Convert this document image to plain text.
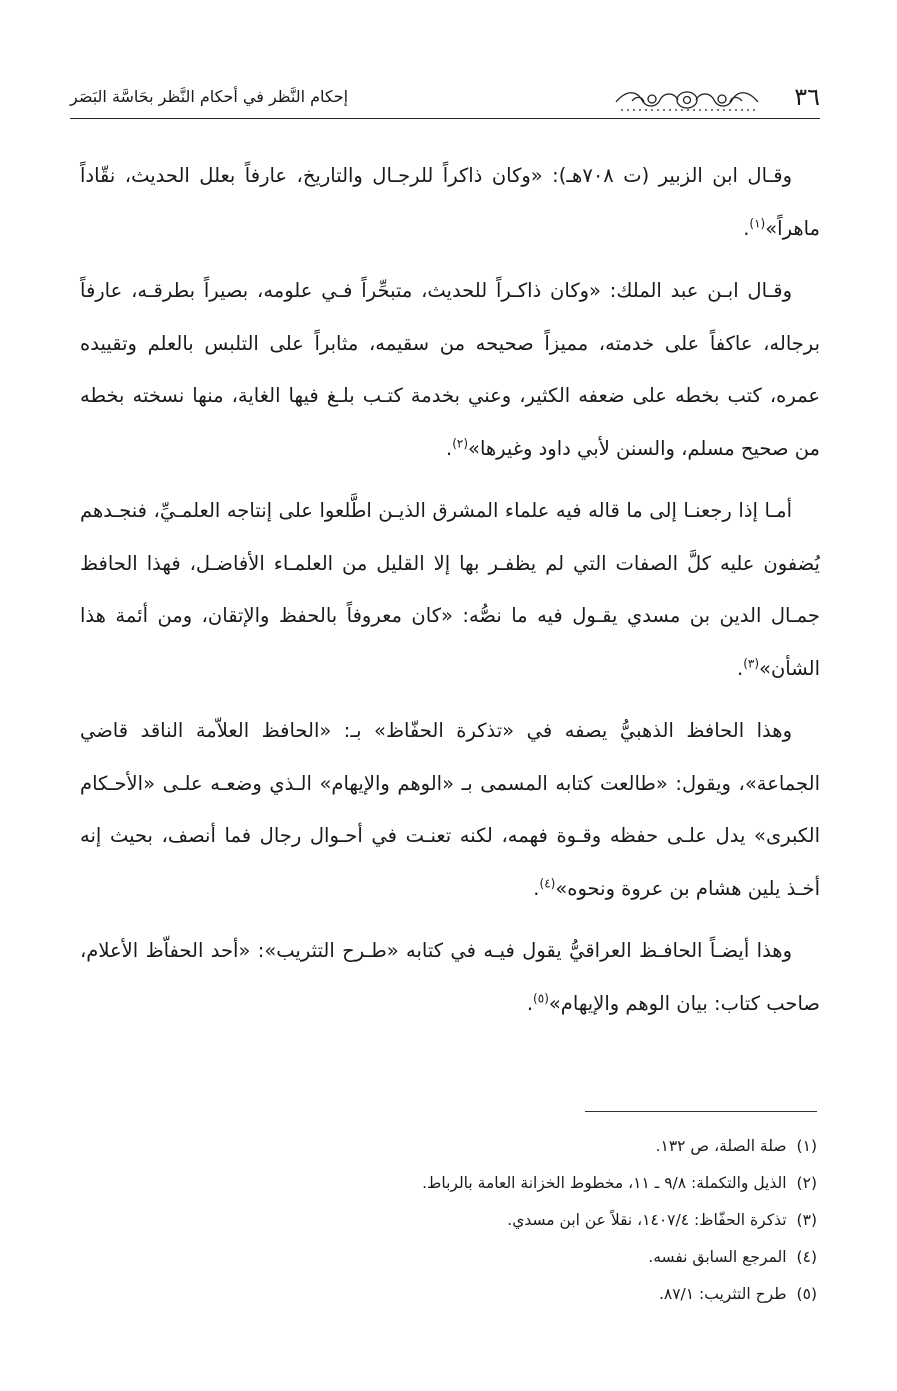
٣٦
إحكام النَّظر في أحكام النَّظر بحَاسَّة البَصَر

وقـال ابن الزبير (ت ٧٠٨هـ): «وكان ذاكراً للرجـال والتاريخ، عارفاً بعلل الحديث، نقّاداً ماهراً»$^{(١)}$.

وقـال ابـن عبد الملك: «وكان ذاكـراً للحديث، متبحِّراً فـي علومه، بصيراً بطرقـه، عارفاً برجاله، عاكفاً على خدمته، مميزاً صحيحه من سقيمه، مثابراً على التلبس بالعلم وتقييده عمره، كتب بخطه على ضعفه الكثير، وعني بخدمة كتـب بلـغ فيها الغاية، منها نسخته بخطه من صحيح مسلم، والسنن لأبي داود وغيرها»$^{(٢)}$.

أمـا إذا رجعنـا إلى ما قاله فيه علماء المشرق الذيـن اطَّلعوا على إنتاجه العلمـيِّ، فنجـدهم يُضفون عليه كلَّ الصفات التي لم يظفـر بها إلا القليل من العلمـاء الأفاضـل، فهذا الحافظ جمـال الدين بن مسدي يقـول فيه ما نصُّه: «كان معروفاً بالحفظ والإتقان، ومن أئمة هذا الشأن»$^{(٣)}$.

وهذا الحافظ الذهبيُّ يصفه في «تذكرة الحفّاظ» بـ: «الحافظ العلاّمة الناقد قاضي الجماعة»، ويقول: «طالعت كتابه المسمى بـ «الوهم والإيهام» الـذي وضعـه علـى «الأحـكام الكبرى» يدل علـى حفظه وقـوة فهمه، لكنه تعنـت في أحـوال رجال فما أنصف، بحيث إنه أخـذ يلين هشام بن عروة ونحوه»$^{(٤)}$.

وهذا أيضـاً الحافـظ العراقيُّ يقول فيـه في كتابه «طـرح التثريب»: «أحد الحفاّظ الأعلام، صاحب كتاب: بيان الوهم والإيهام»$^{(٥)}$.

(١)صلة الصلة، ص ١٣٢.
(٢)الذيل والتكملة: ٩/٨ ـ ١١، مخطوط الخزانة العامة بالرباط.
(٣)تذكرة الحفّاظ: ١٤٠٧/٤، نقلاً عن ابن مسدي.
(٤)المرجع السابق نفسه.
(٥)طرح التثريب: ٨٧/١.
